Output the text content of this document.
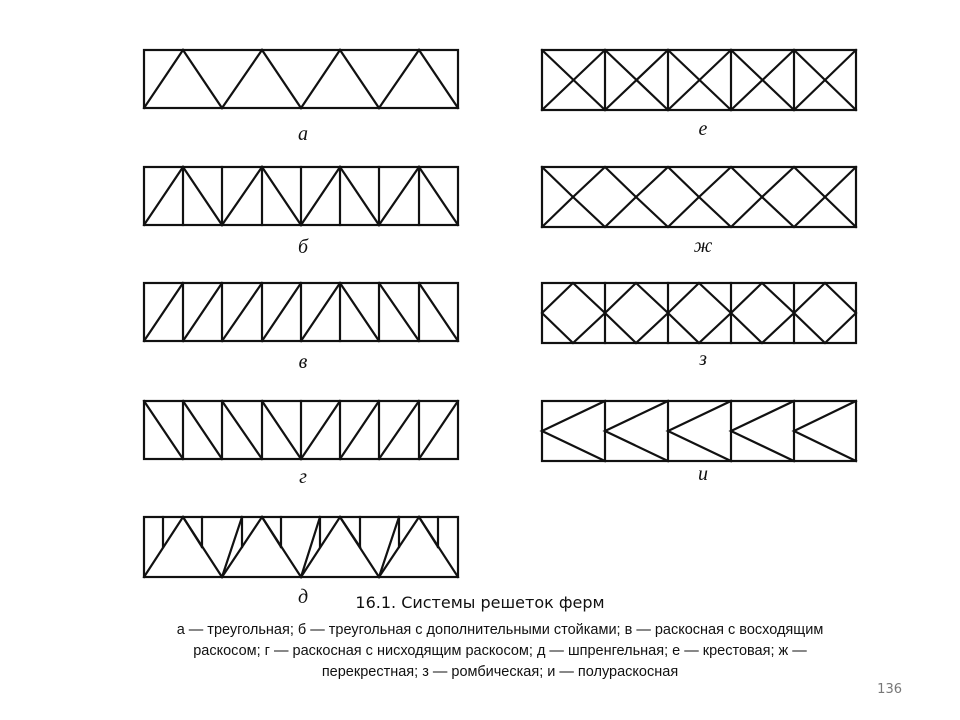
а
б
в
г
д
е
ж
з
и
16.1. Системы решеток ферм
а — треугольная; б — треугольная с дополнительными стойками; в — раскосная с восходящим
раскосом; г — раскосная с нисходящим раскосом; д — шпренгельная; е — крестовая; ж —
перекрестная; з — ромбическая; и — полураскосная
136
